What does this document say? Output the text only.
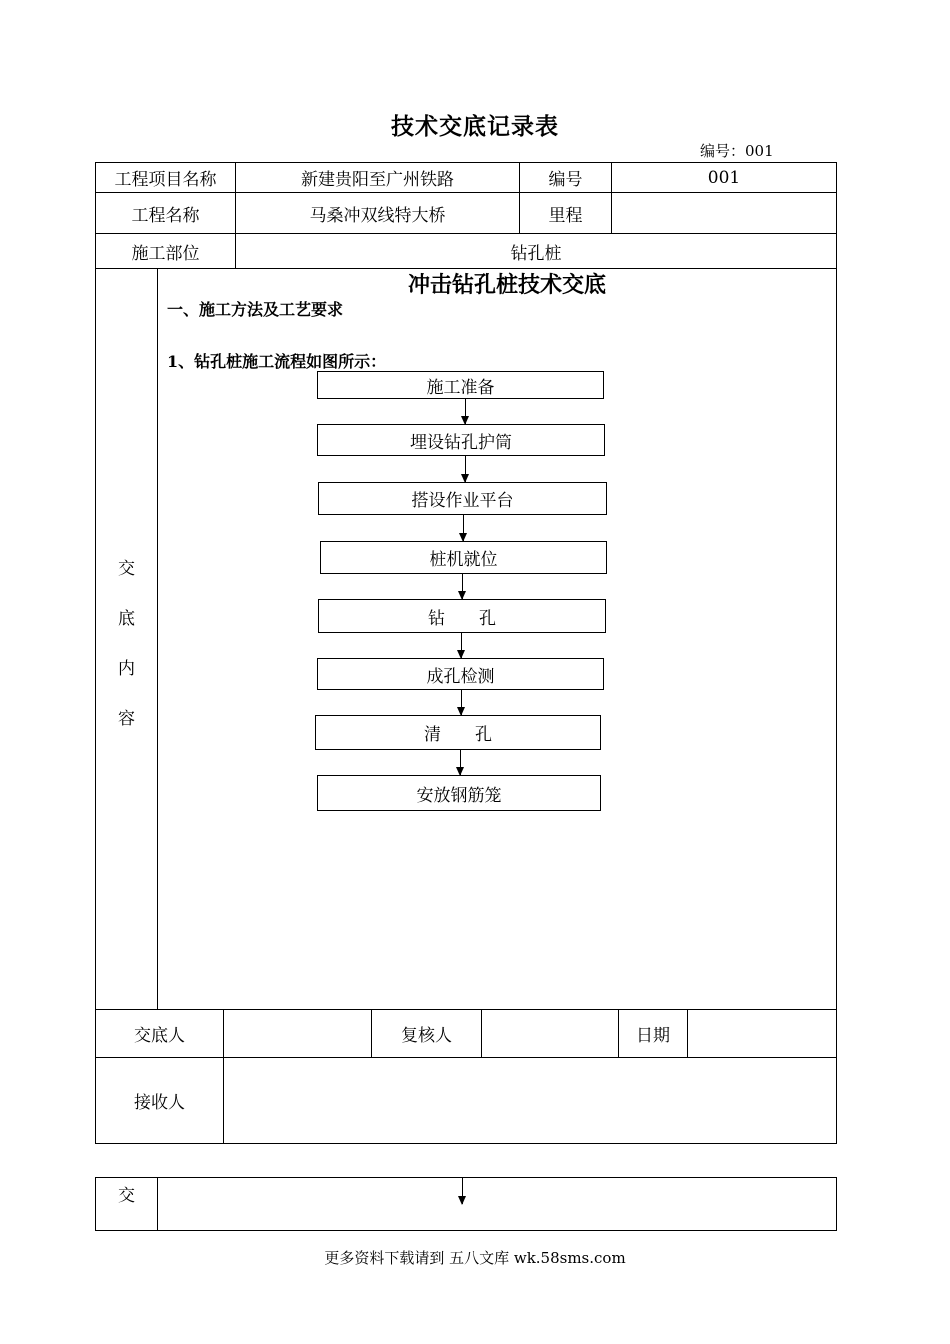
技术交底记录表
编号：001
工程项目名称	新建贵阳至广州铁路	编号	001
工程名称	马桑冲双线特大桥	里程
施工部位	钻孔桩
交
底
内
容
冲击钻孔桩技术交底
一、施工方法及工艺要求
1、钻孔桩施工流程如图所示：
施工准备
埋设钻孔护筒
搭设作业平台
桩机就位
钻　　孔
成孔检测
清　　孔
安放钢筋笼
交底人	复核人	日期
接收人
交
更多资料下载请到 五八文库 wk.58sms.com
